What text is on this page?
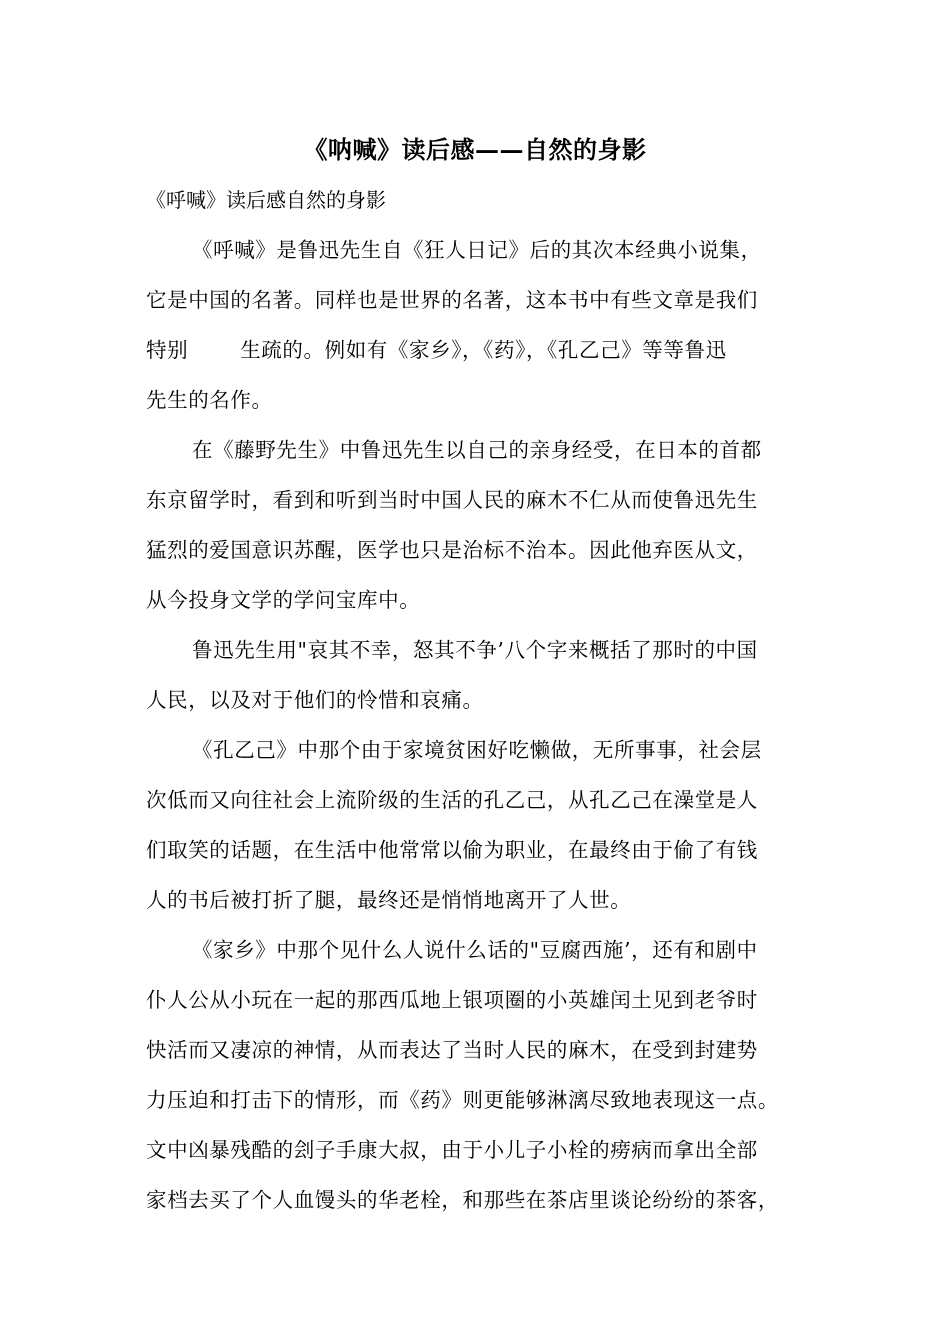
《呐喊》读后感——自然的身影
《呼喊》读后感自然的身影
《呼喊》是鲁迅先生自《狂人日记》后的其次本经典小说集，
它是中国的名著。同样也是世界的名著，这本书中有些文章是我们
特别	生疏的。例如有《家乡》，《药》，《孔乙己》等等鲁迅
先生的名作。
在《藤野先生》中鲁迅先生以自己的亲身经受，在日本的首都
东京留学时，看到和听到当时中国人民的麻木不仁从而使鲁迅先生
猛烈的爱国意识苏醒，医学也只是治标不治本。因此他弃医从文，
从今投身文学的学问宝库中。
鲁迅先生用"哀其不幸，怒其不争’八个字来概括了那时的中国
人民，以及对于他们的怜惜和哀痛。
《孔乙己》中那个由于家境贫困好吃懒做，无所事事，社会层
次低而又向往社会上流阶级的生活的孔乙己，从孔乙己在澡堂是人
们取笑的话题，在生活中他常常以偷为职业，在最终由于偷了有钱
人的书后被打折了腿，最终还是悄悄地离开了人世。
《家乡》中那个见什么人说什么话的"豆腐西施’，还有和剧中
仆人公从小玩在一起的那西瓜地上银项圈的小英雄闰土见到老爷时
快活而又凄凉的神情，从而表达了当时人民的麻木，在受到封建势
力压迫和打击下的情形，而《药》则更能够淋漓尽致地表现这一点。
文中凶暴残酷的刽子手康大叔，由于小儿子小栓的痨病而拿出全部
家档去买了个人血馒头的华老栓，和那些在茶店里谈论纷纷的茶客，
